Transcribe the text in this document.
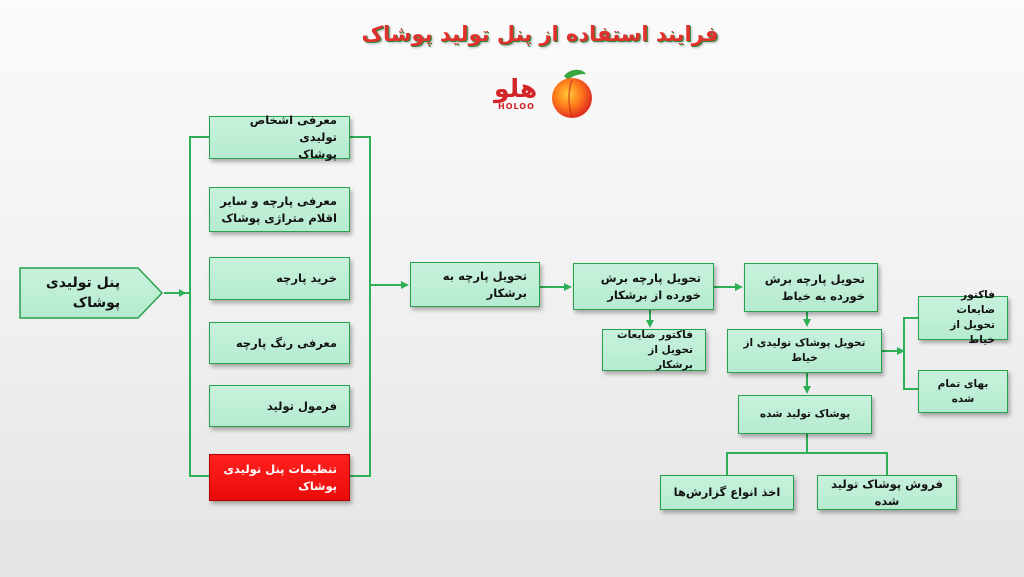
فرایند استفاده از پنل تولید پوشاک
هلو
HOLOO
پنل تولیدی
پوشاک
معرفی اشخاص تولیدی
پوشاک
معرفی پارچه و سایر
اقلام متراژی پوشاک
خرید پارچه
معرفی رنگ پارچه
فرمول تولید
تنظیمات پنل تولیدی
پوشاک
تحویل پارچه به
برشکار
تحویل پارچه برش
خورده از برشکار
فاکتور ضایعات
تحویل از برشکار
تحویل پارچه برش
خورده به خیاط
تحویل پوشاک تولیدی از خیاط
فاکتور ضایعات
تحویل از خیاط
بهای تمام شده
پوشاک تولید شده
اخذ انواع گزارش‌ها
فروش پوشاک تولید شده
